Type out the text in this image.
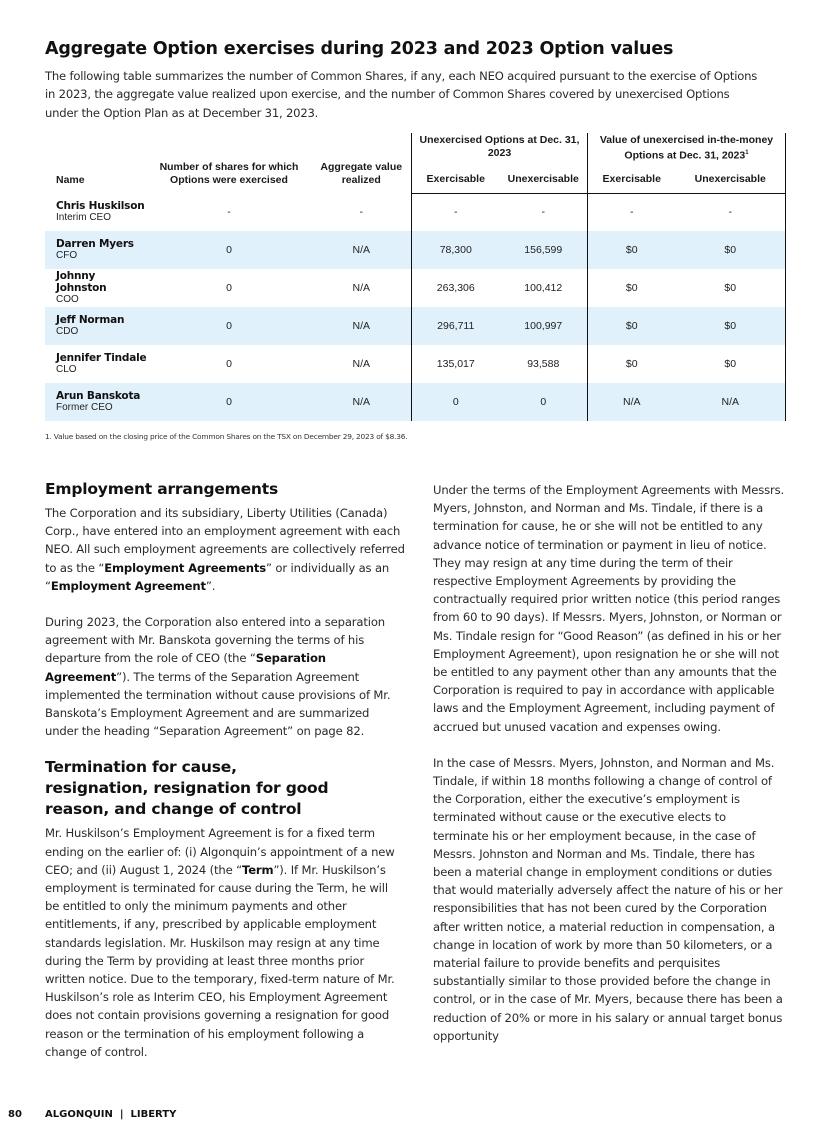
Aggregate Option exercises during 2023 and 2023 Option values

The following table summarizes the number of Common Shares, if any, each NEO acquired pursuant to the exercise of Options in 2023, the aggregate value realized upon exercise, and the number of Common Shares covered by unexercised Options under the Option Plan as at December 31, 2023.

Name	Number of shares for which Options were exercised	Aggregate value realized	Unexercised Options at Dec. 31, 2023		Value of unexercised in-the-money Options at Dec. 31, 2023$^1$
			Exercisable	Unexercisable	Exercisable	Unexercisable

Chris Huskilson
Interim CEO	-	-	-	-	-	-

Darren Myers
CFO	0	N/A	78,300	156,599	$0	$0

Johnny Johnston
COO	0	N/A	263,306	100,412	$0	$0

Jeff Norman
CDO	0	N/A	296,711	100,997	$0	$0

Jennifer Tindale
CLO	0	N/A	135,017	93,588	$0	$0

Arun Banskota
Former CEO	0	N/A	0	0	N/A	N/A

1. Value based on the closing price of the Common Shares on the TSX on December 29, 2023 of $8.36.

Employment arrangements

The Corporation and its subsidiary, Liberty Utilities (Canada) Corp., have entered into an employment agreement with each NEO. All such employment agreements are collectively referred to as the “Employment Agreements” or individually as an “Employment Agreement”.

During 2023, the Corporation also entered into a separation agreement with Mr. Banskota governing the terms of his departure from the role of CEO (the “Separation Agreement”). The terms of the Separation Agreement implemented the termination without cause provisions of Mr. Banskota’s Employment Agreement and are summarized under the heading “Separation Agreement” on page 82.

Termination for cause, resignation, resignation for good reason, and change of control

Mr. Huskilson’s Employment Agreement is for a fixed term ending on the earlier of: (i) Algonquin’s appointment of a new CEO; and (ii) August 1, 2024 (the “Term”). If Mr. Huskilson’s employment is terminated for cause during the Term, he will be entitled to only the minimum payments and other entitlements, if any, prescribed by applicable employment standards legislation. Mr. Huskilson may resign at any time during the Term by providing at least three months prior written notice. Due to the temporary, fixed-term nature of Mr. Huskilson’s role as Interim CEO, his Employment Agreement does not contain provisions governing a resignation for good reason or the termination of his employment following a change of control.

Under the terms of the Employment Agreements with Messrs. Myers, Johnston, and Norman and Ms. Tindale, if there is a termination for cause, he or she will not be entitled to any advance notice of termination or payment in lieu of notice. They may resign at any time during the term of their respective Employment Agreements by providing the contractually required prior written notice (this period ranges from 60 to 90 days). If Messrs. Myers, Johnston, or Norman or Ms. Tindale resign for “Good Reason” (as defined in his or her Employment Agreement), upon resignation he or she will not be entitled to any payment other than any amounts that the Corporation is required to pay in accordance with applicable laws and the Employment Agreement, including payment of accrued but unused vacation and expenses owing.

In the case of Messrs. Myers, Johnston, and Norman and Ms. Tindale, if within 18 months following a change of control of the Corporation, either the executive’s employment is terminated without cause or the executive elects to terminate his or her employment because, in the case of Messrs. Johnston and Norman and Ms. Tindale, there has been a material change in employment conditions or duties that would materially adversely affect the nature of his or her responsibilities that has not been cured by the Corporation after written notice, a material reduction in compensation, a change in location of work by more than 50 kilometers, or a material failure to provide benefits and perquisites substantially similar to those provided before the change in control, or in the case of Mr. Myers, because there has been a reduction of 20% or more in his salary or annual target bonus opportunity

80 ALGONQUIN  |  LIBERTY
